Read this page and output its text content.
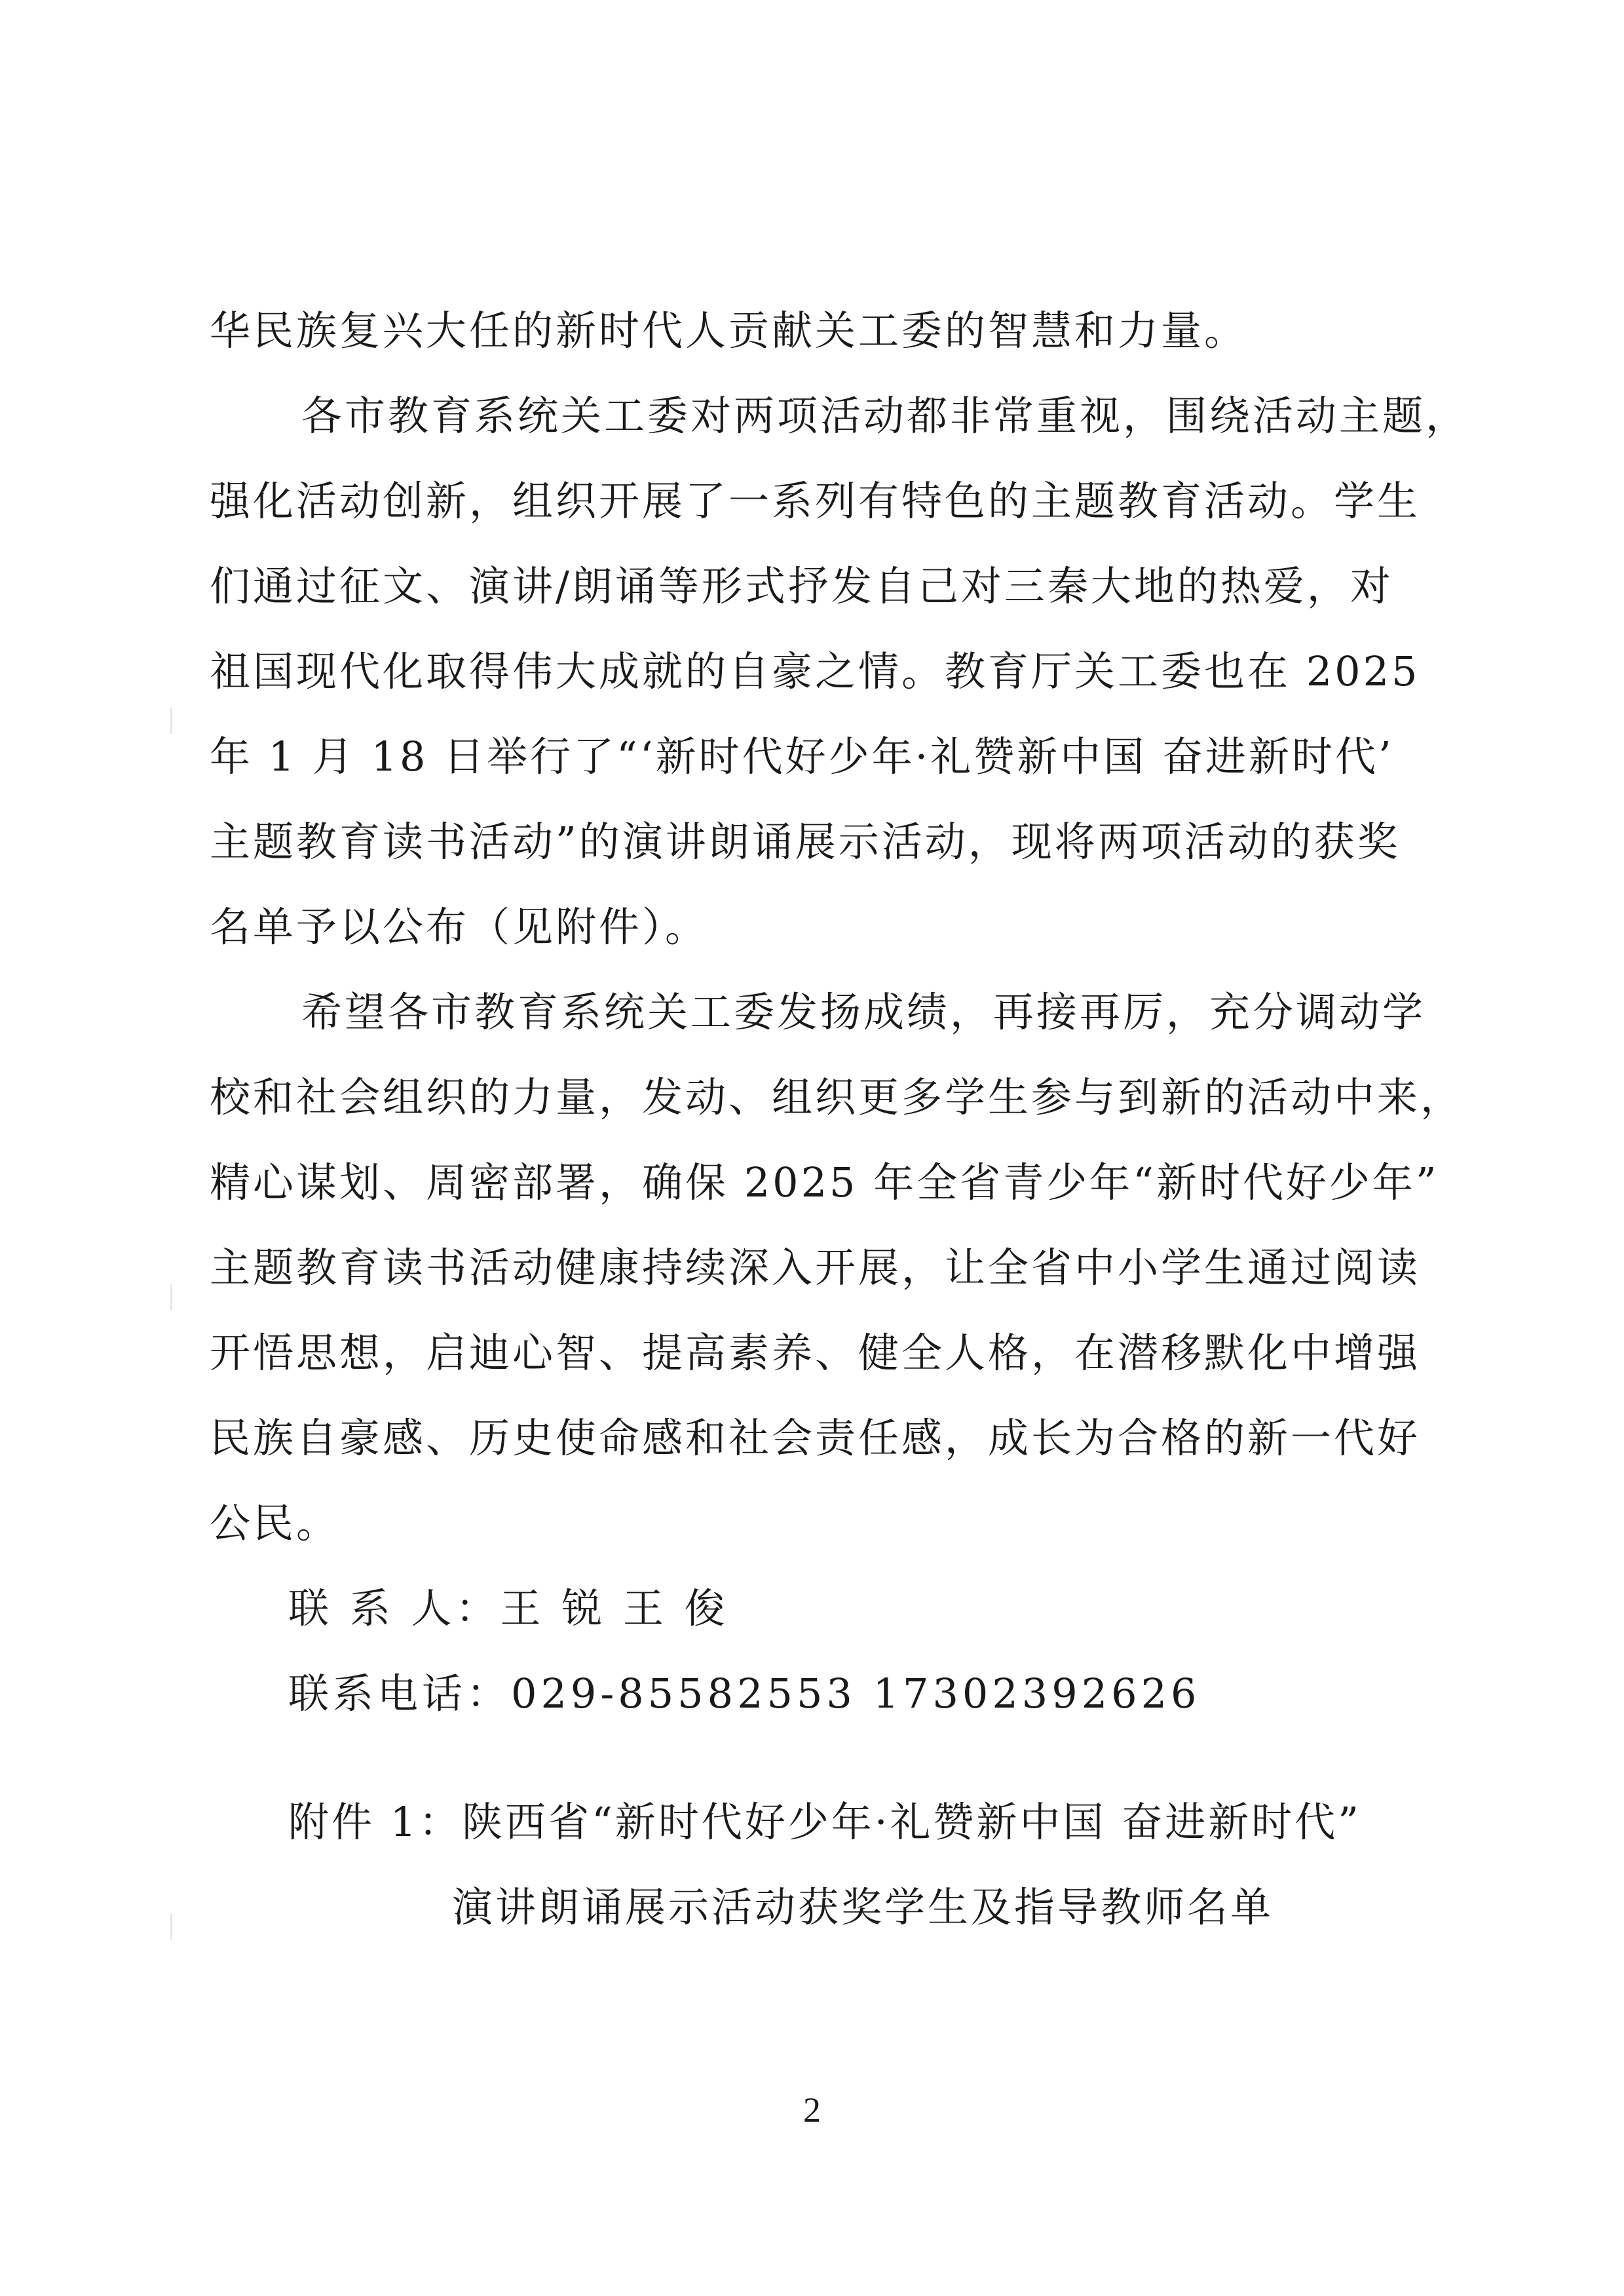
华民族复兴大任的新时代人贡献关工委的智慧和力量。
各市教育系统关工委对两项活动都非常重视，围绕活动主题，
强化活动创新，组织开展了一系列有特色的主题教育活动。学生
们通过征文、演讲/朗诵等形式抒发自己对三秦大地的热爱，对
祖国现代化取得伟大成就的自豪之情。教育厅关工委也在 2025
年 1 月 18 日举行了“‘新时代好少年·礼赞新中国 奋进新时代’
主题教育读书活动”的演讲朗诵展示活动，现将两项活动的获奖
名单予以公布（见附件）。
希望各市教育系统关工委发扬成绩，再接再厉，充分调动学
校和社会组织的力量，发动、组织更多学生参与到新的活动中来，
精心谋划、周密部署，确保 2025 年全省青少年“新时代好少年”
主题教育读书活动健康持续深入开展，让全省中小学生通过阅读
开悟思想，启迪心智、提高素养、健全人格，在潜移默化中增强
民族自豪感、历史使命感和社会责任感，成长为合格的新一代好
公民。
联 系 人：王 锐 王 俊
联系电话：029-85582553 17302392626
附件 1：陕西省“新时代好少年·礼赞新中国 奋进新时代”
演讲朗诵展示活动获奖学生及指导教师名单
2
